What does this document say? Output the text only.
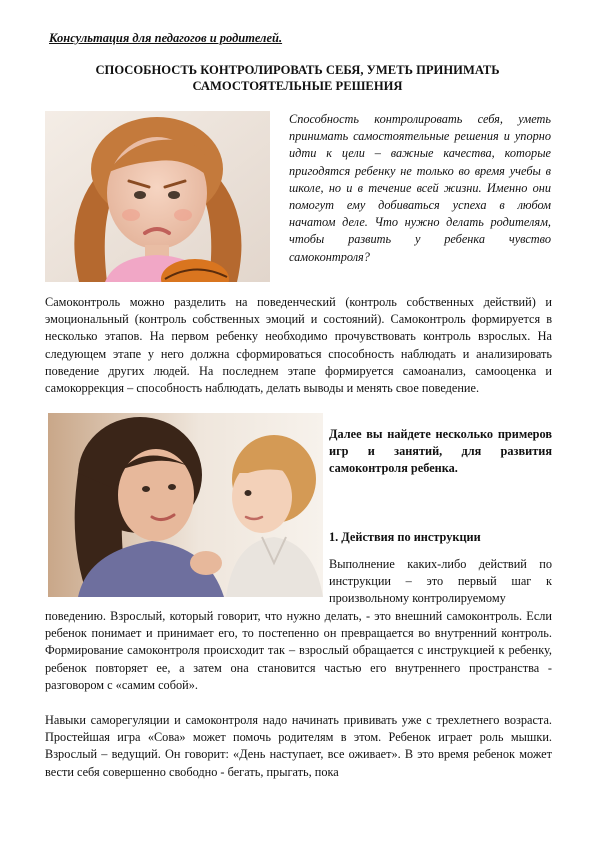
Консультация для педагогов и родителей.
СПОСОБНОСТЬ КОНТРОЛИРОВАТЬ СЕБЯ, УМЕТЬ ПРИНИМАТЬ
САМОСТОЯТЕЛЬНЫЕ РЕШЕНИЯ
Способность контролировать себя, уметь принимать самостоятельные решения и упорно идти к цели – важные качества, которые пригодятся ребенку не только во время учебы в школе, но и в течение всей жизни. Именно они помогут ему добиваться успеха в любом начатом деле. Что нужно делать родителям, чтобы развить у ребенка чувство самоконтроля?
Самоконтроль можно разделить на поведенческий (контроль собственных действий) и эмоциональный (контроль собственных эмоций и состояний). Самоконтроль формируется в несколько этапов. На первом ребенку необходимо прочувствовать контроль взрослых. На следующем этапе у него должна сформироваться способность наблюдать и анализировать поведение других людей. На последнем этапе формируется самоанализ, самооценка и самокоррекция – способность наблюдать, делать выводы и менять свое поведение.
Далее вы найдете несколько примеров игр и занятий, для развития самоконтроля ребенка.
1. Действия по инструкции
Выполнение каких-либо действий по инструкции – это первый шаг к произвольному контролируемому
поведению. Взрослый, который говорит, что нужно делать, - это внешний самоконтроль. Если ребенок понимает и принимает его, то постепенно он превращается во внутренний контроль. Формирование самоконтроля происходит так – взрослый обращается с инструкцией к ребенку, ребенок повторяет ее, а затем она становится частью его внутреннего пространства - разговором с «самим собой».
Навыки саморегуляции и самоконтроля надо начинать прививать уже с трехлетнего возраста. Простейшая игра «Сова» может помочь родителям в этом. Ребенок играет роль мышки. Взрослый – ведущий. Он говорит: «День наступает, все оживает». В это время ребенок может вести себя совершенно свободно - бегать, прыгать, пока
